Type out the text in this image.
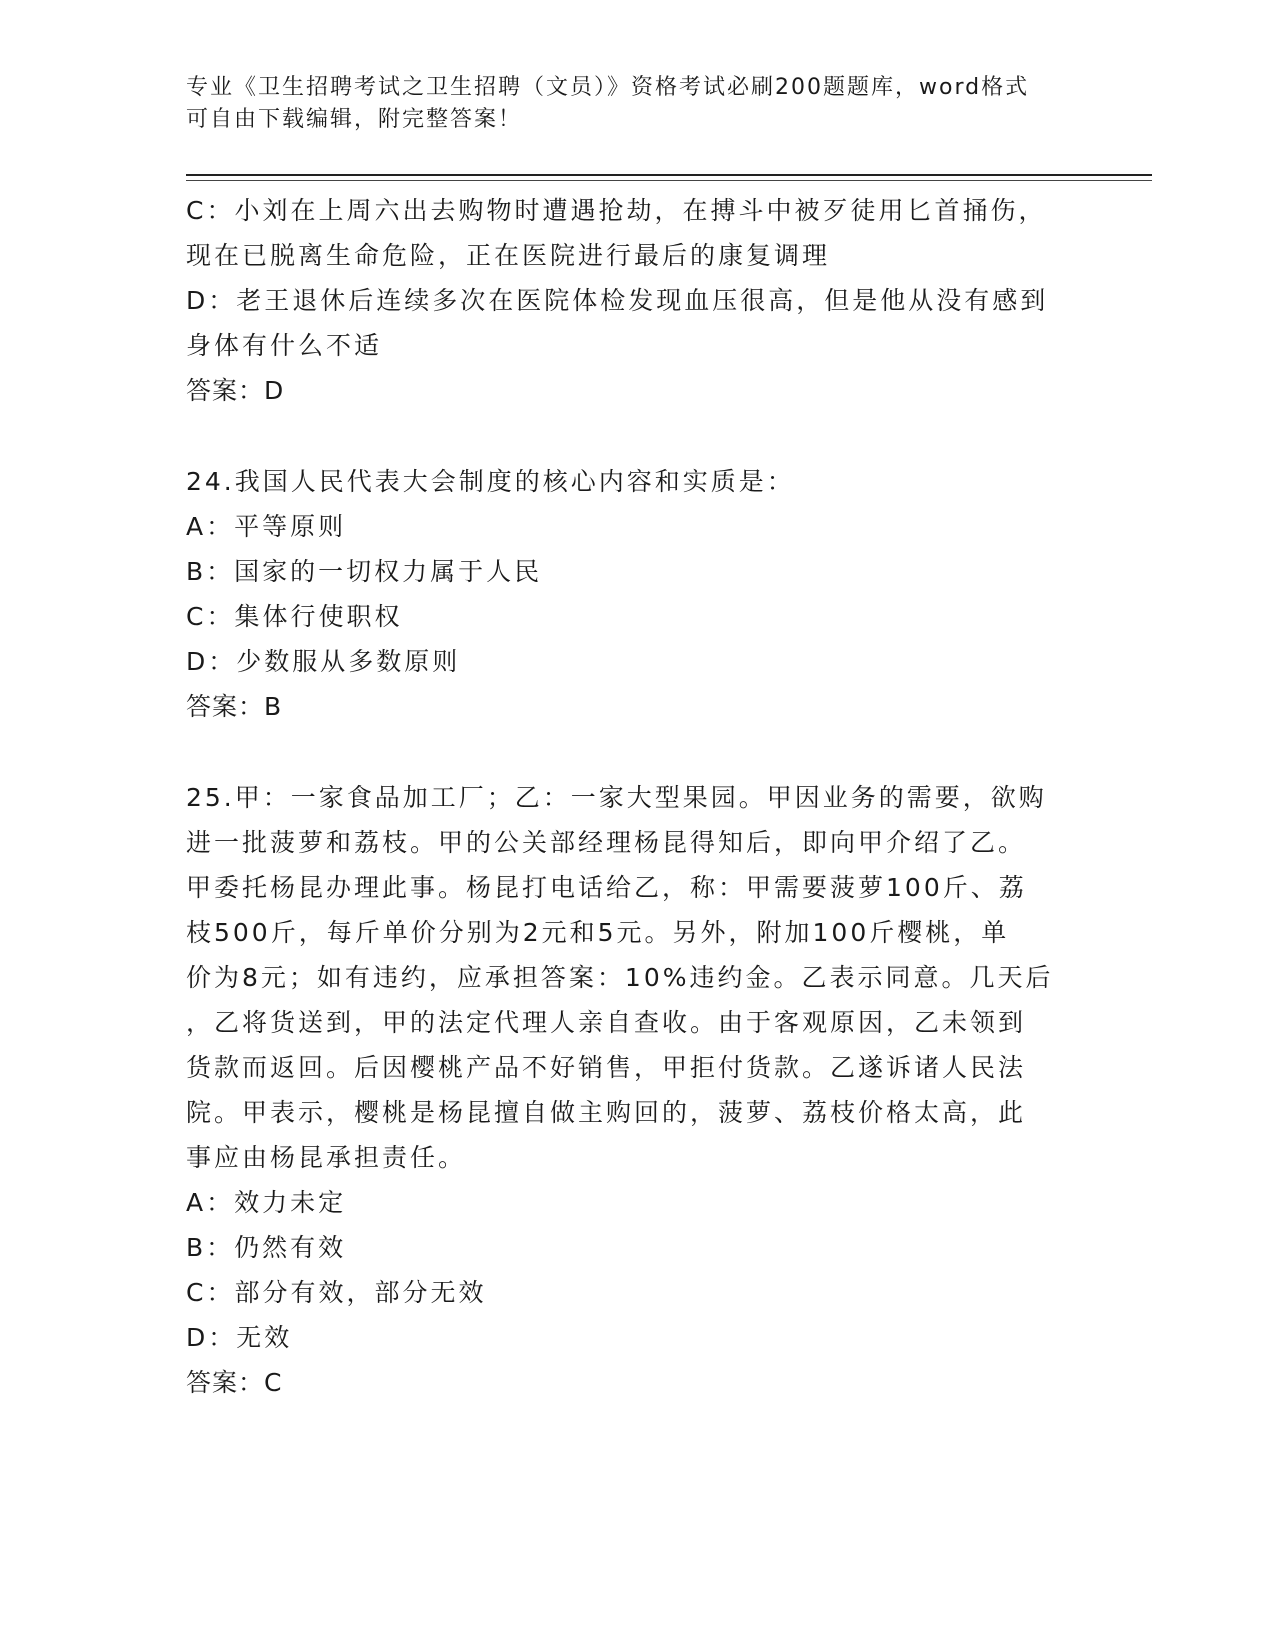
专业《卫生招聘考试之卫生招聘（文员）》资格考试必刷200题题库，word格式
可自由下载编辑，附完整答案！
C：小刘在上周六出去购物时遭遇抢劫，在搏斗中被歹徒用匕首捅伤，
现在已脱离生命危险，正在医院进行最后的康复调理
D：老王退休后连续多次在医院体检发现血压很高，但是他从没有感到
身体有什么不适
答案：D
24.我国人民代表大会制度的核心内容和实质是：
A：平等原则
B：国家的一切权力属于人民
C：集体行使职权
D：少数服从多数原则
答案：B
25.甲：一家食品加工厂；乙：一家大型果园。甲因业务的需要，欲购
进一批菠萝和荔枝。甲的公关部经理杨昆得知后，即向甲介绍了乙。
甲委托杨昆办理此事。杨昆打电话给乙，称：甲需要菠萝100斤、荔
枝500斤，每斤单价分别为2元和5元。另外，附加100斤樱桃，单
价为8元；如有违约，应承担答案：10%违约金。乙表示同意。几天后
，乙将货送到，甲的法定代理人亲自查收。由于客观原因，乙未领到
货款而返回。后因樱桃产品不好销售，甲拒付货款。乙遂诉诸人民法
院。甲表示，樱桃是杨昆擅自做主购回的，菠萝、荔枝价格太高，此
事应由杨昆承担责任。
A：效力未定
B：仍然有效
C：部分有效，部分无效
D：无效
答案：C
